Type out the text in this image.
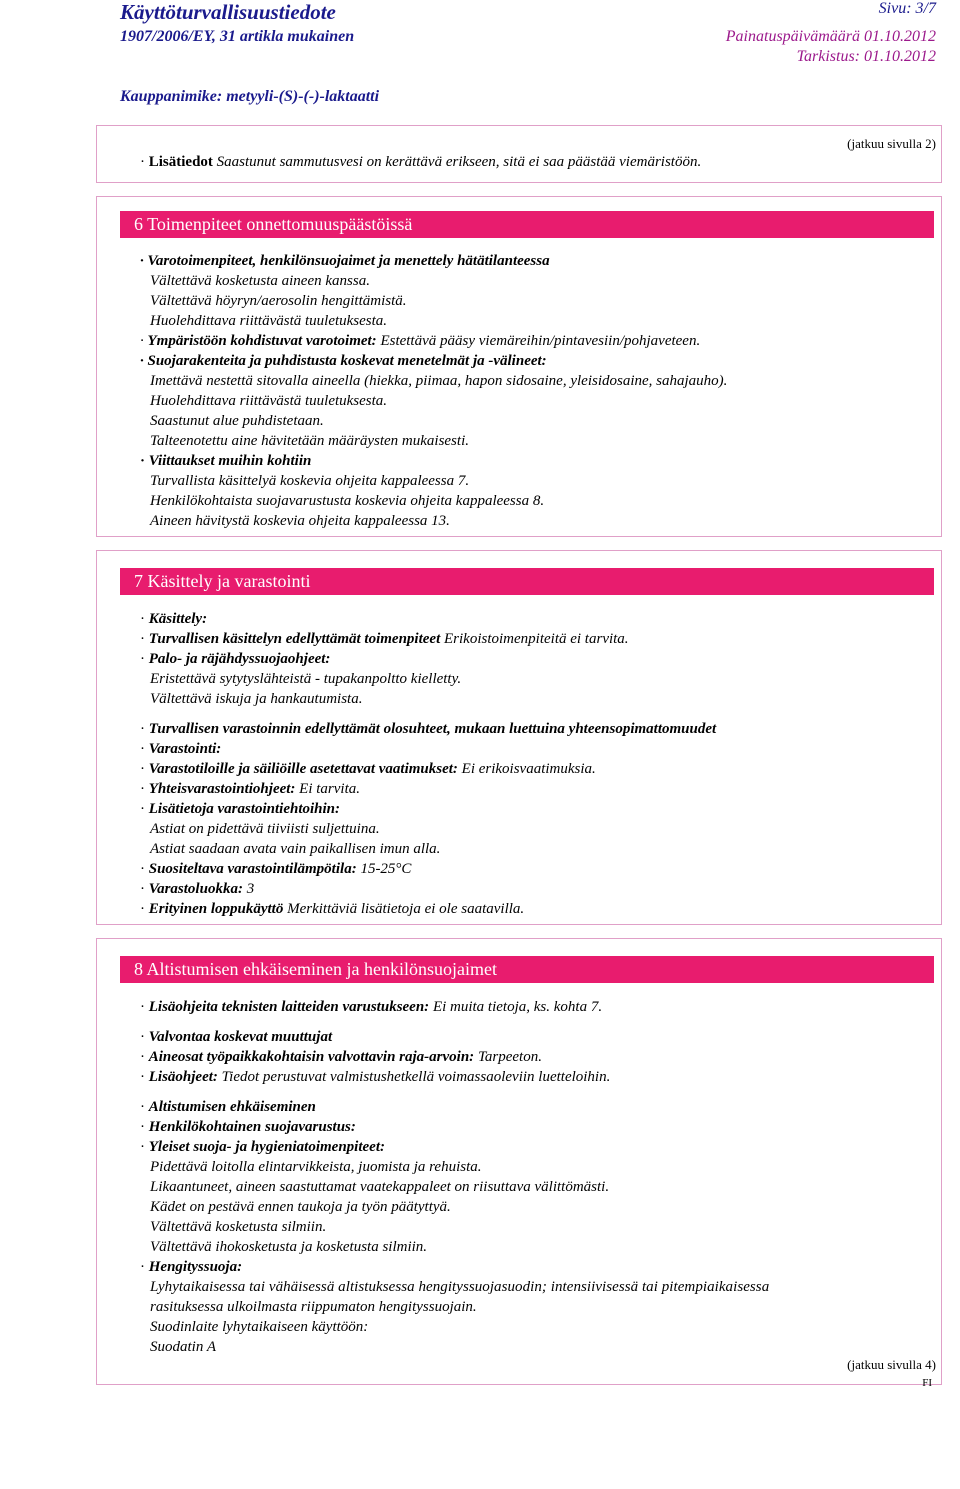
Käyttöturvallisuustiedote
1907/2006/EY, 31 artikla mukainen
Sivu: 3/7
Painatuspäivämäärä 01.10.2012
Tarkistus: 01.10.2012
Kauppanimike: metyyli-(S)-(-)-laktaatti
(jatkuu sivulla 2)
· Lisätiedot Saastunut sammutusvesi on kerättävä erikseen, sitä ei saa päästää viemäristöön.
6 Toimenpiteet onnettomuuspäästöissä
· Varotoimenpiteet, henkilönsuojaimet ja menettely hätätilanteessa
Vältettävä kosketusta aineen kanssa.
Vältettävä höyryn/aerosolin hengittämistä.
Huolehdittava riittävästä tuuletuksesta.
· Ympäristöön kohdistuvat varotoimet: Estettävä pääsy viemäreihin/pintavesiin/pohjaveteen.
· Suojarakenteita ja puhdistusta koskevat menetelmät ja -välineet:
Imettävä nestettä sitovalla aineella (hiekka, piimaa, hapon sidosaine, yleisidosaine, sahajauho).
Huolehdittava riittävästä tuuletuksesta.
Saastunut alue puhdistetaan.
Talteenotettu aine hävitetään määräysten mukaisesti.
· Viittaukset muihin kohtiin
Turvallista käsittelyä koskevia ohjeita kappaleessa 7.
Henkilökohtaista suojavarustusta koskevia ohjeita kappaleessa 8.
Aineen hävitystä koskevia ohjeita kappaleessa 13.
7 Käsittely ja varastointi
· Käsittely:
· Turvallisen käsittelyn edellyttämät toimenpiteet Erikoistoimenpiteitä ei tarvita.
· Palo- ja räjähdyssuojaohjeet:
Eristettävä sytytyslähteistä - tupakanpoltto kielletty.
Vältettävä iskuja ja hankautumista.
· Turvallisen varastoinnin edellyttämät olosuhteet, mukaan luettuina yhteensopimattomuudet
· Varastointi:
· Varastotiloille ja säiliöille asetettavat vaatimukset: Ei erikoisvaatimuksia.
· Yhteisvarastointiohjeet: Ei tarvita.
· Lisätietoja varastointiehtoihin:
Astiat on pidettävä tiiviisti suljettuina.
Astiat saadaan avata vain paikallisen imun alla.
· Suositeltava varastointilämpötila: 15-25°C
· Varastoluokka: 3
· Erityinen loppukäyttö Merkittäviä lisätietoja ei ole saatavilla.
8 Altistumisen ehkäiseminen ja henkilönsuojaimet
· Lisäohjeita teknisten laitteiden varustukseen: Ei muita tietoja, ks. kohta 7.
· Valvontaa koskevat muuttujat
· Aineosat työpaikkakohtaisin valvottavin raja-arvoin: Tarpeeton.
· Lisäohjeet: Tiedot perustuvat valmistushetkellä voimassaoleviin luetteloihin.
· Altistumisen ehkäiseminen
· Henkilökohtainen suojavarustus:
· Yleiset suoja- ja hygieniatoimenpiteet:
Pidettävä loitolla elintarvikkeista, juomista ja rehuista.
Likaantuneet, aineen saastuttamat vaatekappaleet on riisuttava välittömästi.
Kädet on pestävä ennen taukoja ja työn päätyttyä.
Vältettävä kosketusta silmiin.
Vältettävä ihokosketusta ja kosketusta silmiin.
· Hengityssuoja:
Lyhytaikaisessa tai vähäisessä altistuksessa hengityssuojasuodin; intensiivisessä tai pitempiaikaisessa
rasituksessa ulkoilmasta riippumaton hengityssuojain.
Suodinlaite lyhytaikaiseen käyttöön:
Suodatin A
(jatkuu sivulla 4)
FI
